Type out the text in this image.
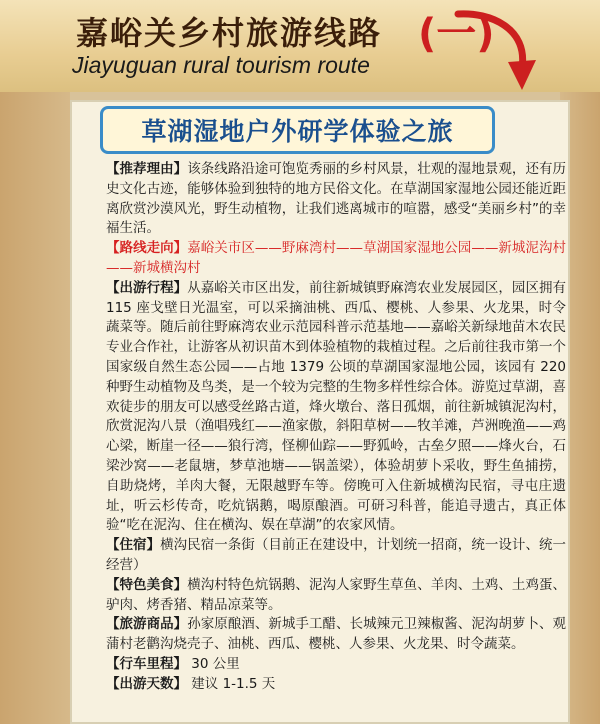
嘉峪关乡村旅游线路
Jiayuguan rural tourism route
(一)
草湖湿地户外研学体验之旅

【推荐理由】该条线路沿途可饱览秀丽的乡村风景，壮观的湿地景观，还有历史文化古迹，能够体验到独特的地方民俗文化。在草湖国家湿地公园还能近距离欣赏沙漠风光，野生动植物，让我们逃离城市的喧嚣，感受“美丽乡村”的幸福生活。

【路线走向】嘉峪关市区——野麻湾村——草湖国家湿地公园——新城泥沟村——新城横沟村

【出游行程】从嘉峪关市区出发，前往新城镇野麻湾农业发展园区，园区拥有 115 座戈壁日光温室，可以采摘油桃、西瓜、樱桃、人参果、火龙果，时令蔬菜等。随后前往野麻湾农业示范园科普示范基地——嘉峪关新绿地苗木农民专业合作社，让游客从初识苗木到体验植物的栽植过程。之后前往我市第一个国家级自然生态公园——占地 1379 公顷的草湖国家湿地公园，该园有 220 种野生动植物及鸟类，是一个较为完整的生物多样性综合体。游览过草湖，喜欢徒步的朋友可以感受丝路古道，烽火墩台、落日孤烟，前往新城镇泥沟村，欣赏泥沟八景（渔唱残红——渔家傲，斜阳草树——牧羊滩，芦洲晚渔——鸡心梁，断崖一径——狼行湾，怪柳仙踪——野狐岭，古垒夕照——烽火台，石梁沙窝——老鼠塘，梦草池塘——锅盖梁），体验胡萝卜采收，野生鱼捕捞，自助烧烤，羊肉大餐，无限越野车等。傍晚可入住新城横沟民宿，寻屯庄遗址，听云杉传奇，吃炕锅鹅，喝原酿酒。可研习科普，能追寻遗古，真正体验“吃在泥沟、住在横沟、娱在草湖”的农家风情。

【住宿】横沟民宿一条街（目前正在建设中，计划统一招商，统一设计、统一经营）

【特色美食】横沟村特色炕锅鹅、泥沟人家野生草鱼、羊肉、土鸡、土鸡蛋、驴肉、烤香猪、精品凉菜等。

【旅游商品】孙家原酿酒、新城手工醋、长城辣元卫辣椒酱、泥沟胡萝卜、观蒲村老鹳沟烧壳子、油桃、西瓜、樱桃、人参果、火龙果、时令蔬菜。

【行车里程】 30 公里

【出游天数】 建议 1-1.5 天
